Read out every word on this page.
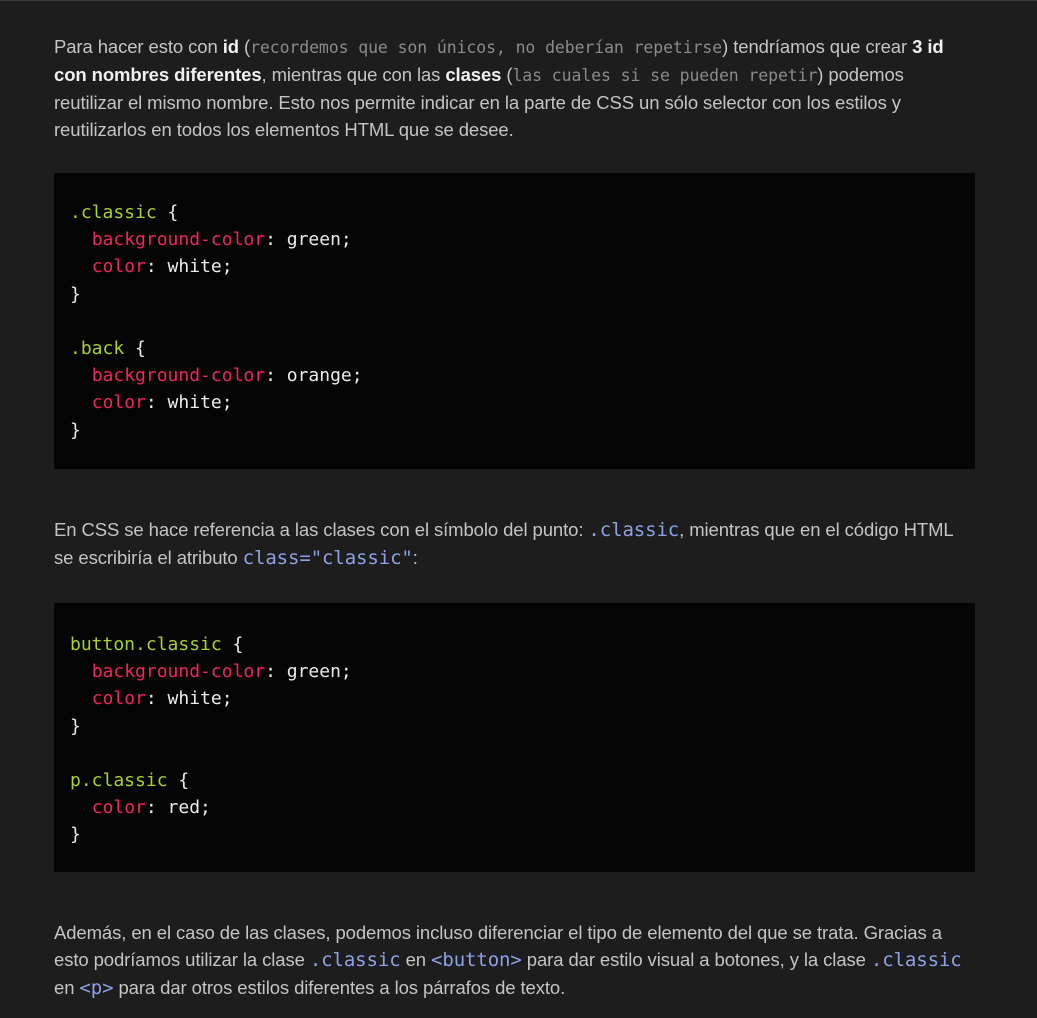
Para hacer esto con id (recordemos que son únicos, no deberían repetirse) tendríamos que crear 3 id con nombres diferentes, mientras que con las clases (las cuales si se pueden repetir) podemos reutilizar el mismo nombre. Esto nos permite indicar en la parte de CSS un sólo selector con los estilos y reutilizarlos en todos los elementos HTML que se desee.

.classic {
background-color: green;
color: white;
}

.back {
background-color: orange;
color: white;
}

En CSS se hace referencia a las clases con el símbolo del punto: .classic, mientras que en el código HTML se escribiría el atributo class="classic":

button.classic {
background-color: green;
color: white;
}

p.classic {
color: red;
}

Además, en el caso de las clases, podemos incluso diferenciar el tipo de elemento del que se trata. Gracias a esto podríamos utilizar la clase .classic en <button> para dar estilo visual a botones, y la clase .classic en <p> para dar otros estilos diferentes a los párrafos de texto.
